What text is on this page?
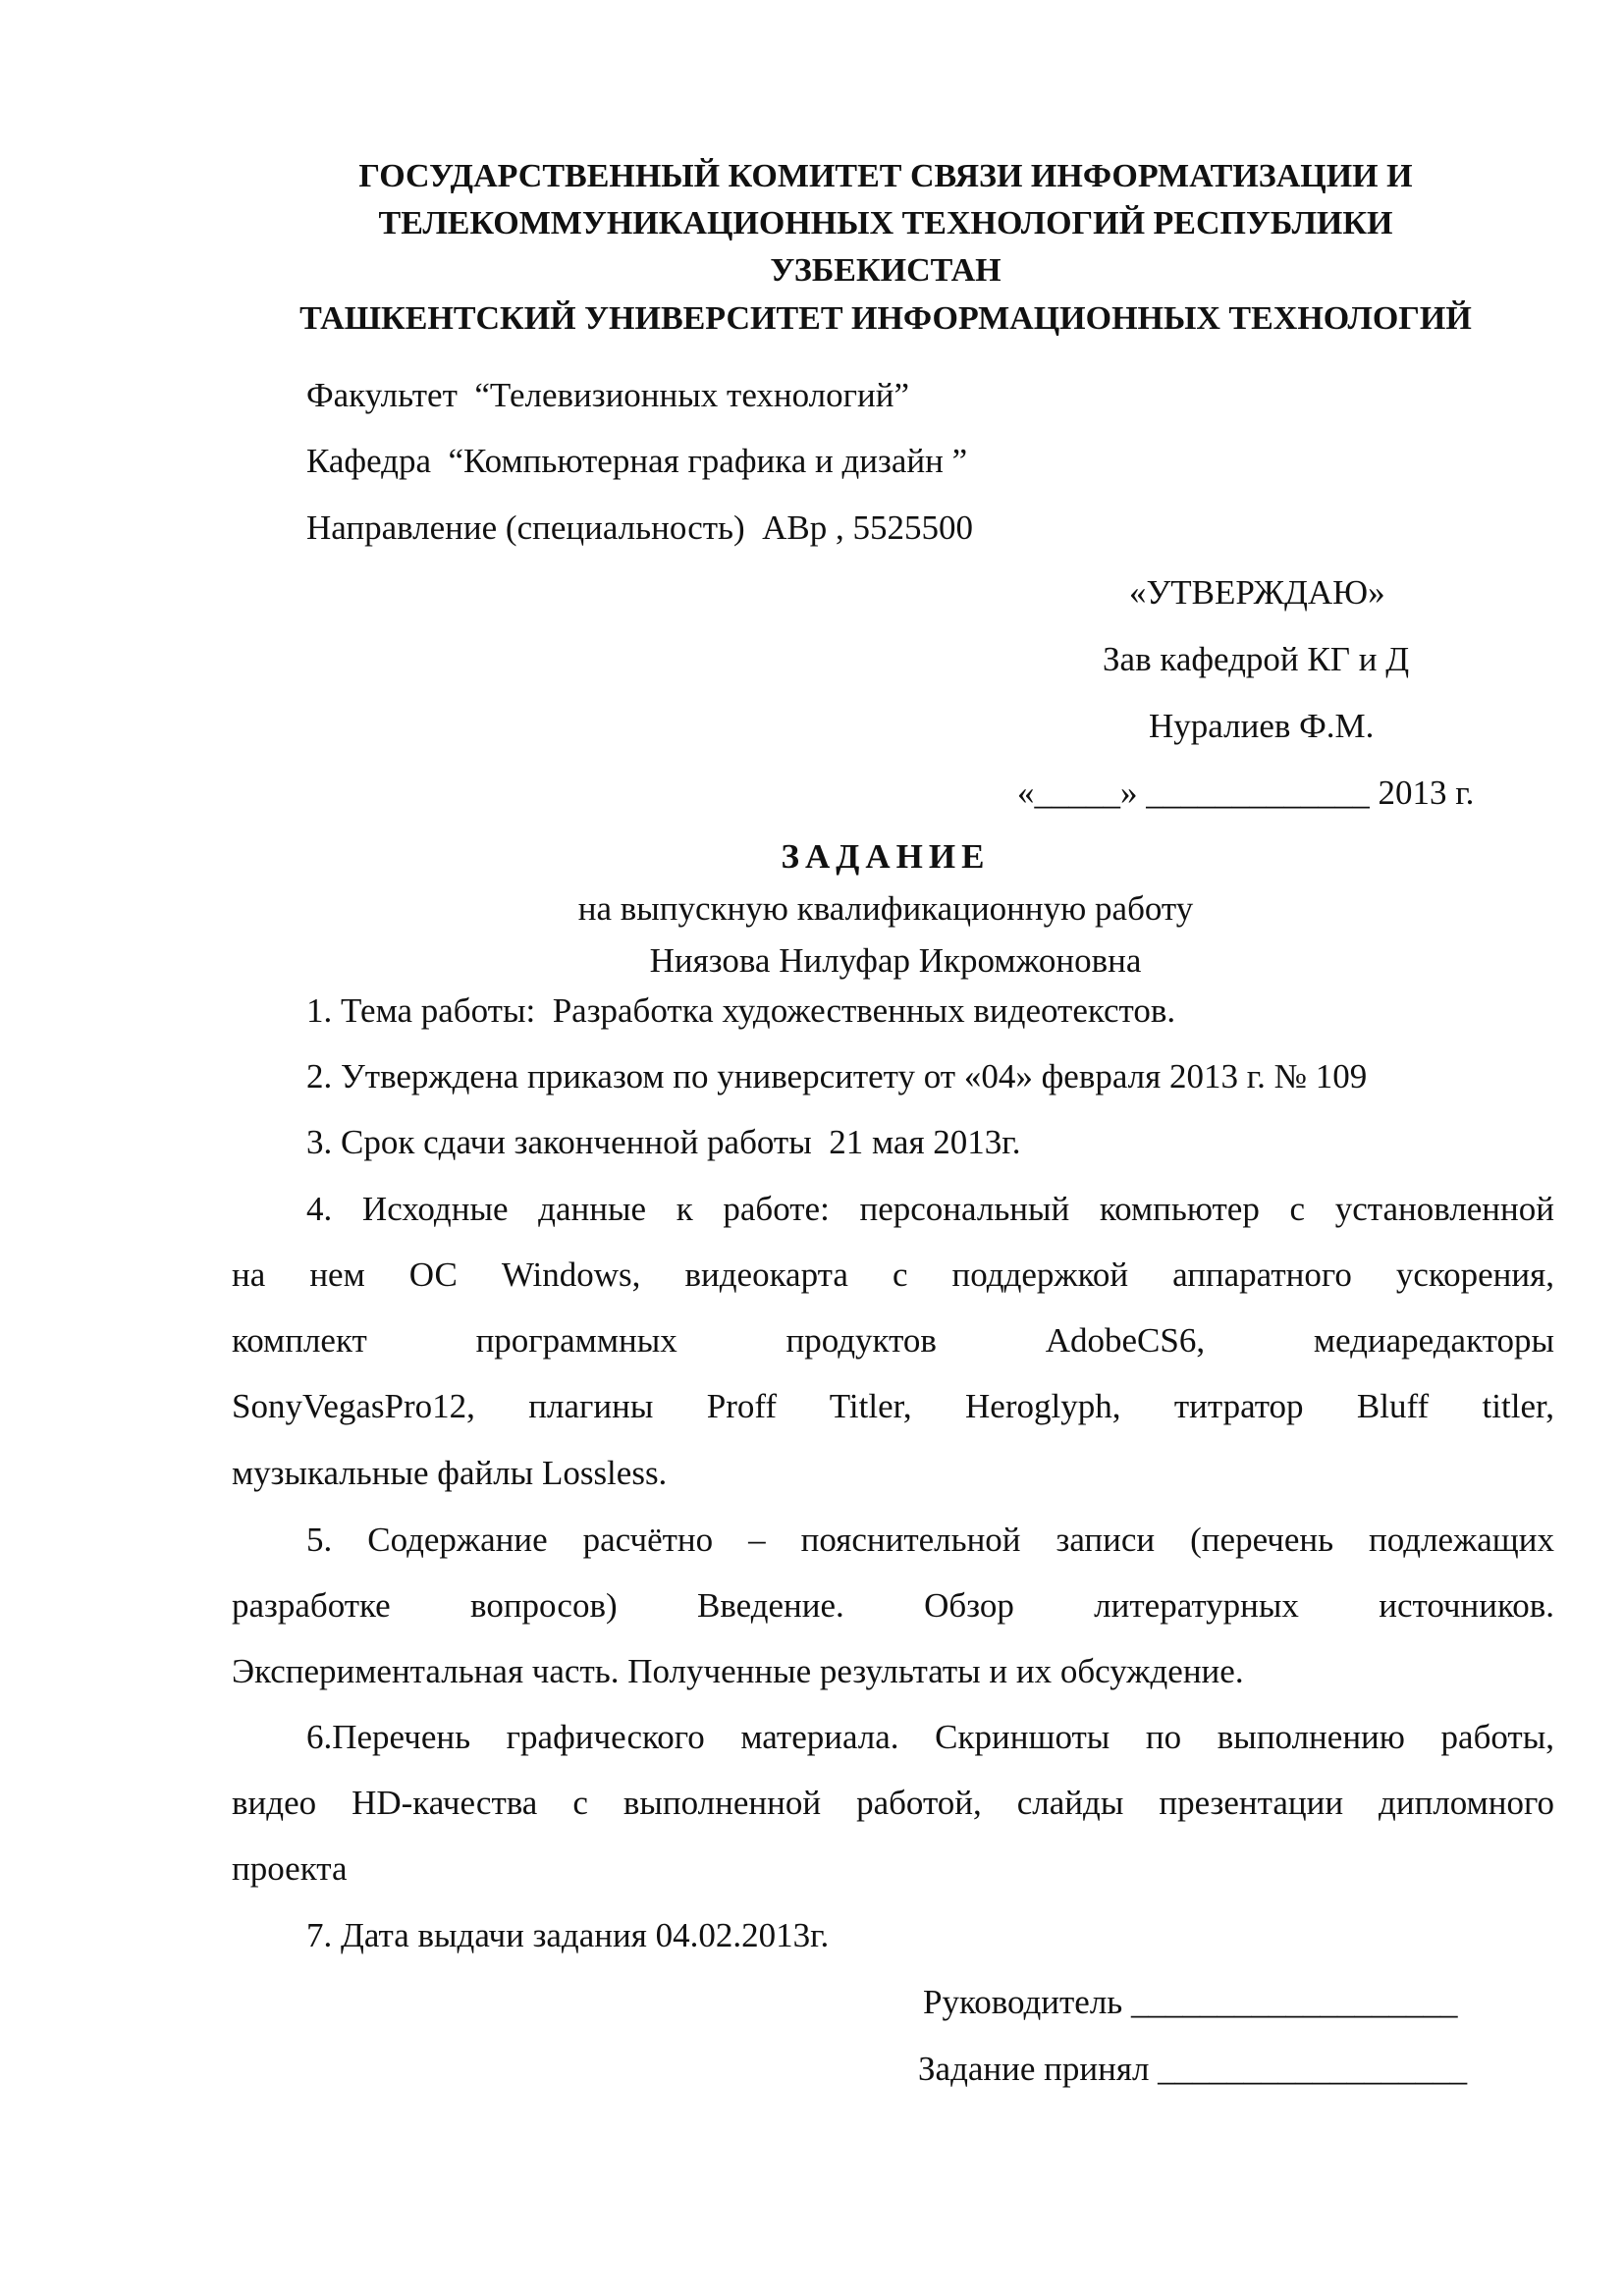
ГОСУДАРСТВЕННЫЙ КОМИТЕТ СВЯЗИ ИНФОРМАТИЗАЦИИ И
ТЕЛЕКОММУНИКАЦИОННЫХ ТЕХНОЛОГИЙ РЕСПУБЛИКИ
УЗБЕКИСТАН
ТАШКЕНТСКИЙ УНИВЕРСИТЕТ ИНФОРМАЦИОННЫХ ТЕХНОЛОГИЙ
Факультет  “Телевизионных технологий”
Кафедра  “Компьютерная графика и дизайн ”
Направление (специальность)  АВр , 5525500
«УТВЕРЖДАЮ»
Зав кафедрой КГ и Д
Нуралиев Ф.М.
«_____» _____________ 2013 г.
ЗАДАНИЕ
на выпускную квалификационную работу
Ниязова Нилуфар Икромжоновна
1. Тема работы:  Разработка художественных видеотекстов.
2. Утверждена приказом по университету от «04» февраля 2013 г. № 109
3. Срок сдачи законченной работы  21 мая 2013г.
4. Исходные данные к работе: персональный компьютер с установленной
на нем ОС Windows, видеокарта с поддержкой аппаратного ускорения,
комплект программных продуктов AdobeCS6, медиаредакторы
SonyVegasPro12, плагины Proff Titler, Heroglyph, титратор Bluff titler,
музыкальные файлы Lossless.
5. Содержание расчётно – пояснительной записи (перечень подлежащих
разработке вопросов) Введение. Обзор литературных источников.
Экспериментальная часть. Полученные результаты и их обсуждение.
6.Перечень графического материала. Скриншоты по выполнению работы,
видео HD-качества с выполненной работой, слайды презентации дипломного
проекта
7. Дата выдачи задания 04.02.2013г.
Руководитель ___________________
Задание принял __________________
